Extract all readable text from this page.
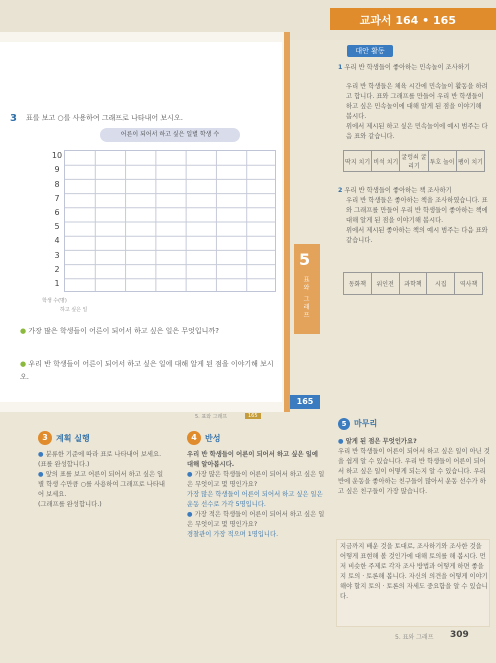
교과서 164 • 165
3 표를 보고 ○를 사용하여 그래프로 나타내어 보시오.
어른이 되어서 하고 싶은 일별 학생 수
10
9
8
7
6
5
4
3
2
1
학생 수(명)
하고 싶은 일
● 가장 많은 학생들이 어른이 되어서 하고 싶은 일은 무엇입니까?
● 우리 반 학생들이 어른이 되어서 하고 싶은 일에 대해 알게 된 점을 이야기해 보시오.
5
표와 그래프
165
5. 표와 그래프	165
대안 활동
1 우리 반 학생들이 좋아하는 민속놀이 조사하기
우리 반 학생들은 체육 시간에 민속놀이 활동을 하려고 합니다. 표와 그래프를 만들어 우리 반 학생들이 하고 싶은 민속놀이에 대해 알게 된 점을 이야기해 봅시다.
위에서 제시된 하고 싶은 민속놀이에 예시 범주는 다음 표와 같습니다.
딱지 치기	비석 치기	굴렁쇠 굴리기	투호 놀이	팽이 치기
2 우리 반 학생들이 좋아하는 책 조사하기
우리 반 학생들은 좋아하는 책을 조사하였습니다. 표와 그래프를 만들어 우리 반 학생들이 좋아하는 책에 대해 알게 된 점을 이야기해 봅시다.
위에서 제시된 좋아하는 책의 예시 범주는 다음 표와 같습니다.
동화책	위인전	과학책	시집	역사책
5 마무리
● 알게 된 점은 무엇인가요?
우리 반 학생들이 어른이 되어서 하고 싶은 일이 아닌 것을 쉽게 알 수 있습니다. 우리 반 학생들이 어른이 되어서 하고 싶은 일이 어떻게 되는지 알 수 있습니다. 우리 반에 운동을 좋아하는 친구들이 많아서 운동 선수가 하고 싶은 친구들이 가장 많습니다.
지금까지 배운 것을 토대로, 조사하기와 조사한 것을 어떻게 표현해 볼 것인가에 대해 토의를 해 봅시다. 먼저 비슷한 주제로 각자 조사 방법과 어떻게 하면 좋을지 토의 · 토론해 봅니다. 자신의 의견을 어떻게 이야기해야 할지 토의 · 토론의 자세도 중요함을 알 수 있습니다.
5. 표와 그래프 309
3	계획 실행
● 분류한 기준에 따라 표로 나타내어 보세요.
(표를 완성합니다.)
● 앞의 표를 보고 어른이 되어서 하고 싶은 일별 학생 수만큼 ○를 사용하여 그래프로 나타내어 보세요.
(그래프를 완성합니다.)
4	반성
우리 반 학생들이 어른이 되어서 하고 싶은 일에 대해 알아봅시다.
● 가장 많은 학생들이 어른이 되어서 하고 싶은 일은 무엇이고 몇 명인가요?
가장 많은 학생들이 어른이 되어서 하고 싶은 일은 운동 선수로 가각 5명입니다.
● 가장 적은 학생들이 어른이 되어서 하고 싶은 일은 무엇이고 몇 명인가요?
경찰관이 가장 적으며 1명입니다.
